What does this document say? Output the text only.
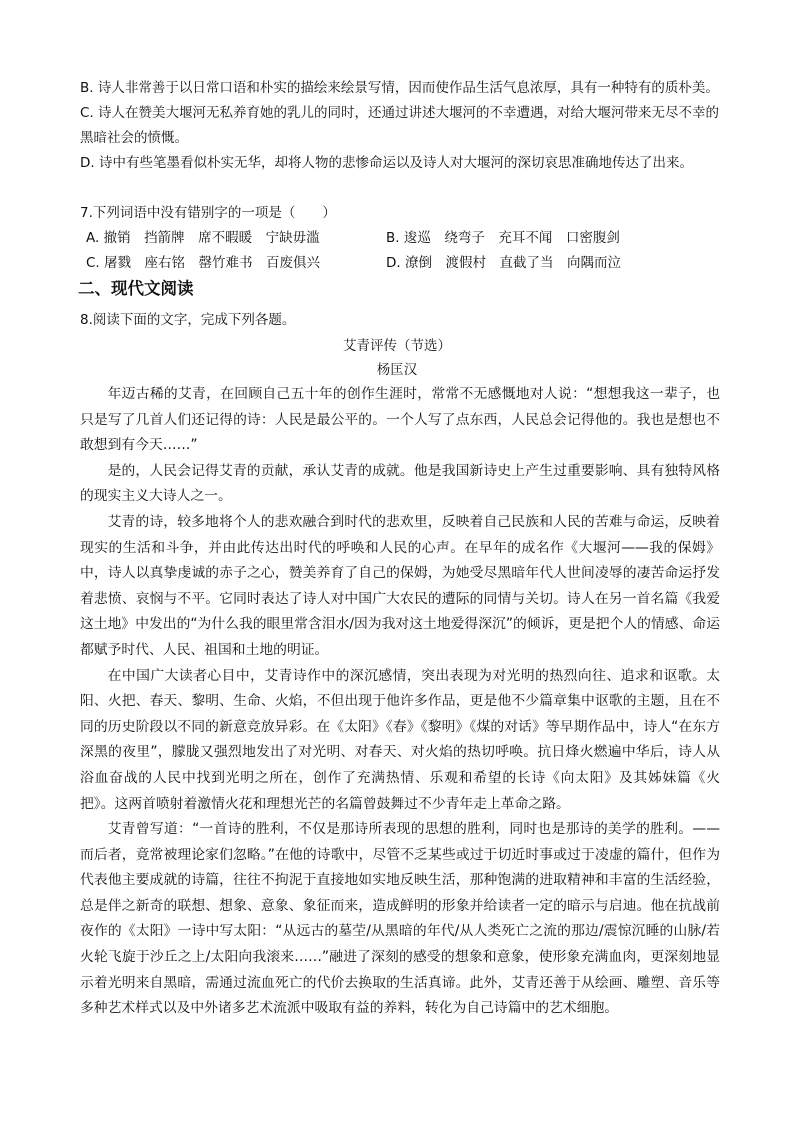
B. 诗人非常善于以日常口语和朴实的描绘来绘景写情，因而使作品生活气息浓厚，具有一种特有的质朴美。

C. 诗人在赞美大堰河无私养育她的乳儿的同时，还通过讲述大堰河的不幸遭遇，对给大堰河带来无尽不幸的黑暗社会的愤慨。

D. 诗中有些笔墨看似朴实无华，却将人物的悲惨命运以及诗人对大堰河的深切哀思准确地传达了出来。

7.下列词语中没有错别字的一项是（　　）
A. 撤销　挡箭牌　席不暇暖　宁缺毋滥	B. 逡巡　绕弯子　充耳不闻　口密腹剑
C. 屠戮　座右铭　罄竹难书　百废俱兴	D. 潦倒　渡假村　直截了当　向隅而泣
二、现代文阅读
8.阅读下面的文字，完成下列各题。
艾青评传（节选）
杨匡汉

年迈古稀的艾青，在回顾自己五十年的创作生涯时，常常不无感慨地对人说：“想想我这一辈子，也只是写了几首人们还记得的诗：人民是最公平的。一个人写了点东西，人民总会记得他的。我也是想也不敢想到有今天……”

是的，人民会记得艾青的贡献，承认艾青的成就。他是我国新诗史上产生过重要影响、具有独特风格的现实主义大诗人之一。

艾青的诗，较多地将个人的悲欢融合到时代的悲欢里，反映着自己民族和人民的苦难与命运，反映着现实的生活和斗争，并由此传达出时代的呼唤和人民的心声。在早年的成名作《大堰河——我的保姆》中，诗人以真挚虔诚的赤子之心，赞美养育了自己的保姆，为她受尽黑暗年代人世间凌辱的凄苦命运抒发着悲愤、哀悯与不平。它同时表达了诗人对中国广大农民的遭际的同情与关切。诗人在另一首名篇《我爱这土地》中发出的“为什么我的眼里常含泪水/因为我对这土地爱得深沉”的倾诉，更是把个人的情感、命运都赋予时代、人民、祖国和土地的明证。

在中国广大读者心目中，艾青诗作中的深沉感情，突出表现为对光明的热烈向往、追求和讴歌。太阳、火把、春天、黎明、生命、火焰，不但出现于他许多作品，更是他不少篇章集中讴歌的主题，且在不同的历史阶段以不同的新意竞放异彩。在《太阳》《春》《黎明》《煤的对话》等早期作品中，诗人“在东方深黑的夜里”，朦胧又强烈地发出了对光明、对春天、对火焰的热切呼唤。抗日烽火燃遍中华后，诗人从浴血奋战的人民中找到光明之所在，创作了充满热情、乐观和希望的长诗《向太阳》及其姊妹篇《火把》。这两首喷射着激情火花和理想光芒的名篇曾鼓舞过不少青年走上革命之路。

艾青曾写道：“一首诗的胜利，不仅是那诗所表现的思想的胜利，同时也是那诗的美学的胜利。——而后者，竟常被理论家们忽略。”在他的诗歌中，尽管不乏某些或过于切近时事或过于凌虚的篇什，但作为代表他主要成就的诗篇，往往不拘泥于直接地如实地反映生活，那种饱满的进取精神和丰富的生活经验，总是伴之新奇的联想、想象、意象、象征而来，造成鲜明的形象并给读者一定的暗示与启迪。他在抗战前夜作的《太阳》一诗中写太阳：“从远古的墓茔/从黑暗的年代/从人类死亡之流的那边/震惊沉睡的山脉/若火轮飞旋于沙丘之上/太阳向我滚来……”融进了深刻的感受的想象和意象，使形象充满血肉，更深刻地显示着光明来自黑暗，需通过流血死亡的代价去换取的生活真谛。此外，艾青还善于从绘画、雕塑、音乐等多种艺术样式以及中外诸多艺术流派中吸取有益的养料，转化为自己诗篇中的艺术细胞。
